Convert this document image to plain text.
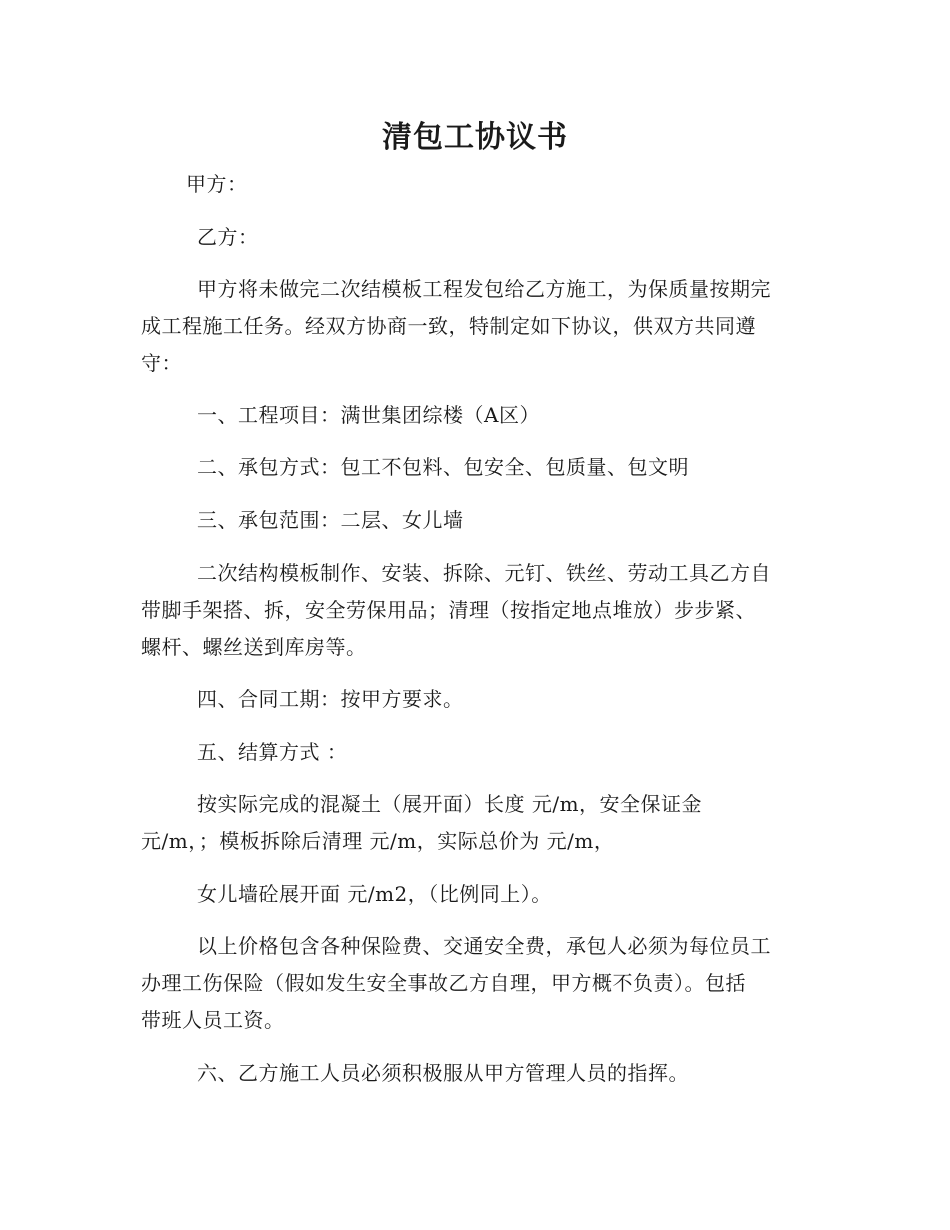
清包工协议书

甲方：

乙方：

甲方将未做完二次结模板工程发包给乙方施工，为保质量按期完

成工程施工任务。经双方协商一致，特制定如下协议，供双方共同遵

守：

一、工程项目：满世集团综楼（A区）

二、承包方式：包工不包料、包安全、包质量、包文明

三、承包范围：二层、女儿墙

二次结构模板制作、安装、拆除、元钉、铁丝、劳动工具乙方自

带脚手架搭、拆，安全劳保用品；清理（按指定地点堆放）步步紧、

螺杆、螺丝送到库房等。

四、合同工期：按甲方要求。

五、结算方式 ：

按实际完成的混凝土（展开面）长度 元/m，安全保证金

元/m，；模板拆除后清理 元/m，实际总价为 元/m，

女儿墙砼展开面 元/m2，（比例同上）。

以上价格包含各种保险费、交通安全费，承包人必须为每位员工

办理工伤保险（假如发生安全事故乙方自理，甲方概不负责）。包括

带班人员工资。

六、乙方施工人员必须积极服从甲方管理人员的指挥。
